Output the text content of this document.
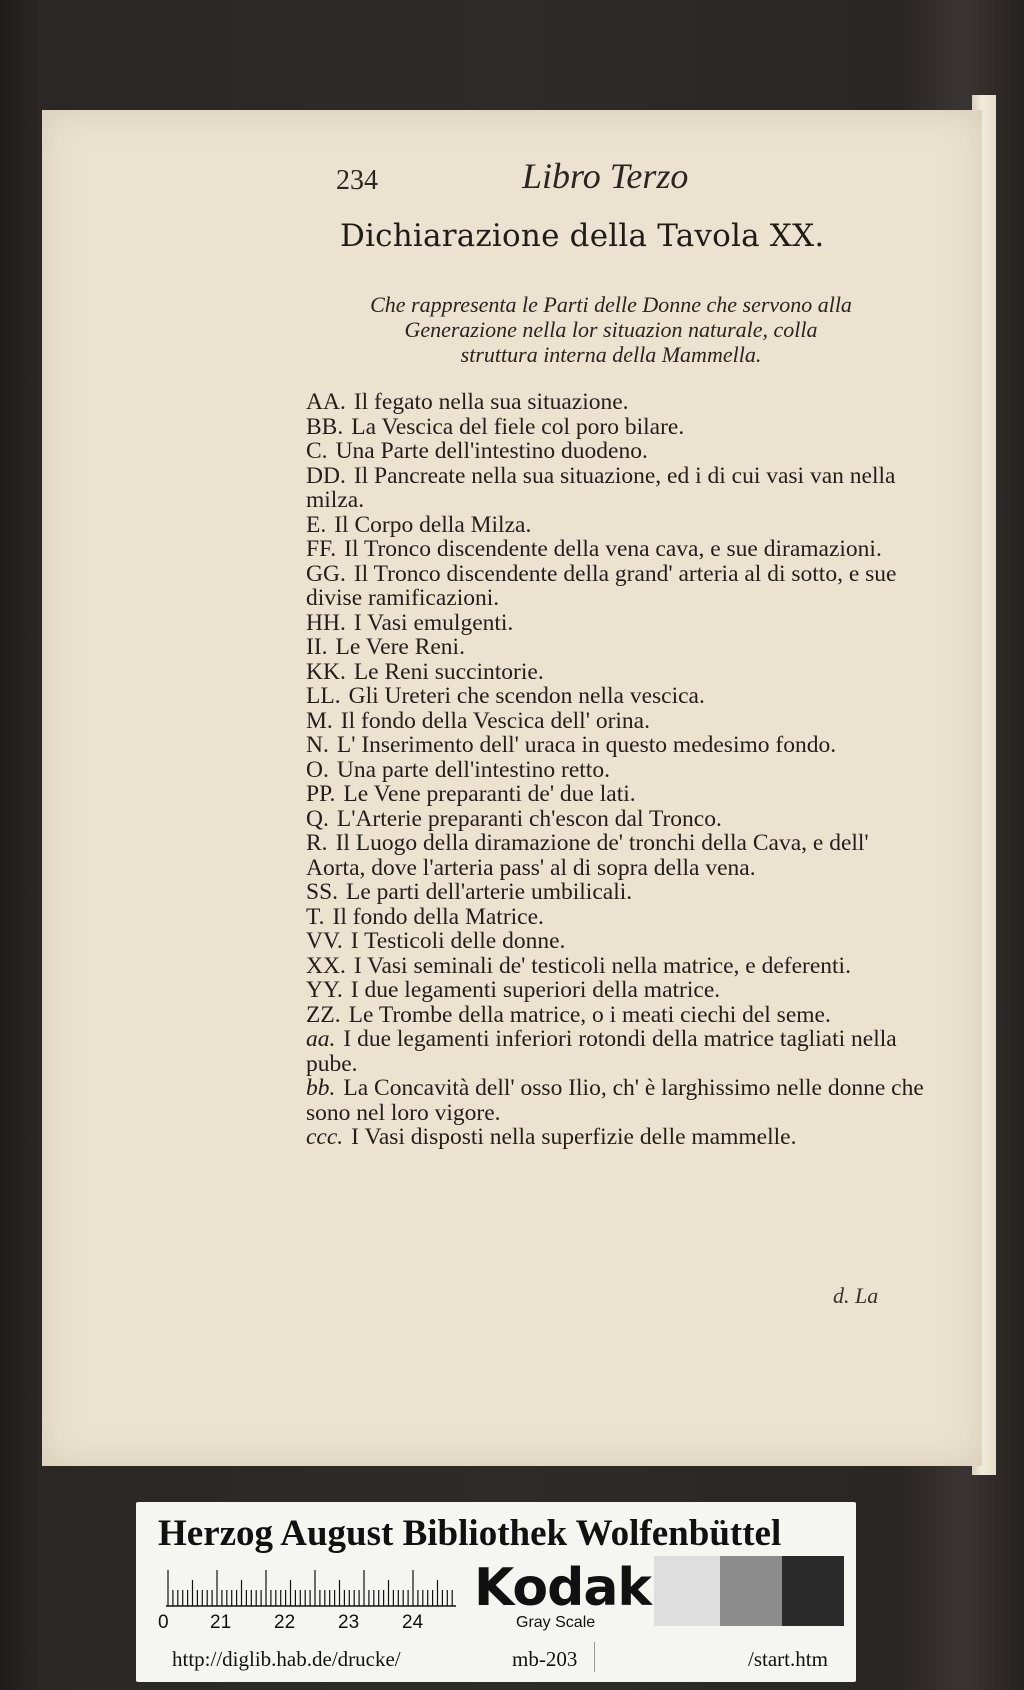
234	Libro Terzo
Dichiarazione della Tavola XX.
Che rappresenta le Parti delle Donne che servono alla
Generazione nella lor situazion naturale, colla
struttura interna della Mammella.
AA. Il fegato nella sua situazione.
BB. La Vescica del fiele col poro bilare.
C. Una Parte dell'intestino duodeno.
DD. Il Pancreate nella sua situazione, ed i di cui vasi van nella milza.
E. Il Corpo della Milza.
FF. Il Tronco discendente della vena cava, e sue diramazioni.
GG. Il Tronco discendente della grand' arteria al di sotto, e sue divise ramificazioni.
HH. I Vasi emulgenti.
II. Le Vere Reni.
KK. Le Reni succintorie.
LL. Gli Ureteri che scendon nella vescica.
M. Il fondo della Vescica dell' orina.
N. L' Inserimento dell' uraca in questo medesimo fondo.
O. Una parte dell'intestino retto.
PP. Le Vene preparanti de' due lati.
Q. L'Arterie preparanti ch'escon dal Tronco.
R. Il Luogo della diramazione de' tronchi della Cava, e dell' Aorta, dove l'arteria pass' al di sopra della vena.
SS. Le parti dell'arterie umbilicali.
T. Il fondo della Matrice.
VV. I Testicoli delle donne.
XX. I Vasi seminali de' testicoli nella matrice, e deferenti.
YY. I due legamenti superiori della matrice.
ZZ. Le Trombe della matrice, o i meati ciechi del seme.
aa. I due legamenti inferiori rotondi della matrice tagliati nella pube.
bb. La Concavità dell' osso Ilio, ch' è larghissimo nelle donne che sono nel loro vigore.
ccc. I Vasi disposti nella superfizie delle mammelle.
d. La
Herzog August Bibliothek Wolfenbüttel
0 21 22 23 24
Kodak
Gray Scale
http://diglib.hab.de/drucke/	mb-203	/start.htm
